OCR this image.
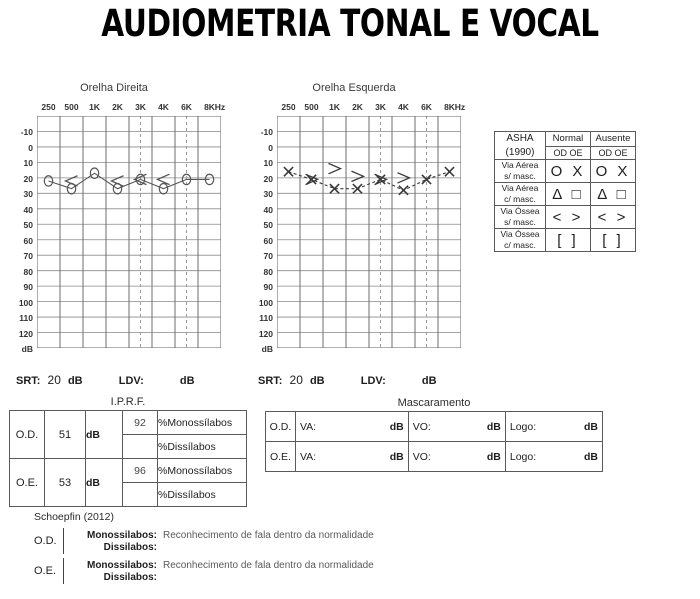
AUDIOMETRIA TONAL E VOCAL
Orelha Direita
250	500	1K	2K	3K	4K	6K	8K Hz
-10
0
10
20
30
40
50
60
70
80
90
100
110
120
dB
Orelha Esquerda
250	500	1K	2K	3K	4K	6K	8K Hz
-10
0
10
20
30
40
50
60
70
80
90
100
110
120
dB
ASHA
(1990)	Normal	Ausente
	OD OE	OD OE

Via Aérea
s/ masc.	O X	O X

Via Aérea
c/ masc.	Δ □	Δ □

Via Óssea
s/ masc.	< >	< >

Via Óssea
c/ masc.	[ ]	[ ]
SRT: 20 dB	LDV:	dB	SRT: 20 dB	LDV:	dB
I.P.R.F.
O.D.	51	dB	92	%Monossílabos
				%Dissílabos
O.E.	53	dB	96	%Monossílabos
				%Dissílabos
Mascaramento
O.D.	VA: dB	VO: dB	Logo: dB

O.E.	VA: dB	VO: dB	Logo: dB
Schoepfin (2012)
O.D.	Monossilabos: Reconhecimento de fala dentro da normalidade
Dissilabos:
O.E.	Monossilabos: Reconhecimento de fala dentro da normalidade
Dissilabos:
